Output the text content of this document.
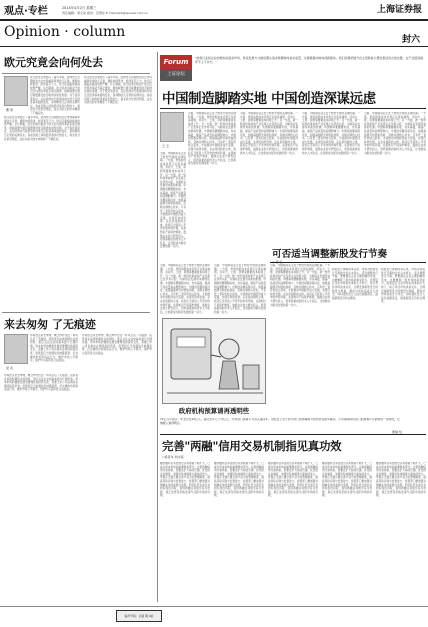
观点·专栏	2014年4月2日 星期三
责任编辑：周文彦 视觉：张慧东 E-mail:plzz@ssnews.com.cn	上海证券报
Opinion · column	封六
欧元究竟会向何处去
曹 形
欧元诞生以来经历了诸多考验，欧洲央行近期的表态让市场重新审视欧元走势。通胀持续低迷、经济复苏乏力，欧元区面临的挑战依然严峻。从长期看，欧元的命运取决于欧元区内部改革能否真正推进，财政联盟与银行联盟建设能否取得实质性进展。对于投资者而言，关注欧洲央行政策动向与欧元区经济基本面的变化，是判断欧元走势的关键所在。各成员国之间的经济差异仍然较大，南北欧分化依旧明显，这也为欧元的未来增添了不确定性。
欧元诞生以来经历了诸多考验，欧洲央行近期的表态让市场重新审视欧元走势。通胀持续低迷、经济复苏乏力，欧元区面临的挑战依然严峻。从长期看，欧元的命运取决于欧元区内部改革能否真正推进，财政联盟与银行联盟建设能否取得实质性进展。对于投资者而言，关注欧洲央行政策动向与欧元区经济基本面的变化，是判断欧元走势的关键所在。各成员国之间的经济差异仍然较大，南北欧分化依旧明显，这也为欧元的未来增添了不确定性。
欧元诞生以来经历了诸多考验，欧洲央行近期的表态让市场重新审视欧元走势。通胀持续低迷、经济复苏乏力，欧元区面临的挑战依然严峻。从长期看，欧元的命运取决于欧元区内部改革能否真正推进，财政联盟与银行联盟建设能否取得实质性进展。对于投资者而言，关注欧洲央行政策动向与欧元区经济基本面的变化，是判断欧元走势的关键所在。各成员国之间的经济差异仍然较大，南北欧分化依旧明显，这也为欧元的未来增添了不确定性。
来去匆匆 了无痕迹
吴 兆
市场热点来去匆匆，概念炒作往往一阵风过后了无痕迹。投资者在追逐短期热点的同时，更应关注企业的基本面与长期价值。资本市场的健康发展需要理性的投资文化，需要上市公司以真实业绩回报投资者。监管层应当加强信息披露监管，打击操纵市场等违法行为，维护市场公平秩序，保护中小投资者合法权益。
市场热点来去匆匆，概念炒作往往一阵风过后了无痕迹。投资者在追逐短期热点的同时，更应关注企业的基本面与长期价值。资本市场的健康发展需要理性的投资文化，需要上市公司以真实业绩回报投资者。监管层应当加强信息披露监管，打击操纵市场等违法行为，维护市场公平秩序，保护中小投资者合法权益。
市场热点来去匆匆，概念炒作往往一阵风过后了无痕迹。投资者在追逐短期热点的同时，更应关注企业的基本面与长期价值。资本市场的健康发展需要理性的投资文化，需要上市公司以真实业绩回报投资者。监管层应当加强信息披露监管，打击操纵市场等违法行为，维护市场公平秩序，保护中小投资者合法权益。
Forum
上证论坛
"检验行业和企业的根本标准是市场，转变发展方式就是要从追求规模转向追求质量，从要素驱动转向创新驱动。我们需要把提升自主创新能力摆在更加突出的位置，在产业链高端环节上下功夫。"
中国制造脚踏实地 中国创造深谋远虑
王 玉
当前，中国制造业正处于转型升级的关键时期。一方面，传统的低成本优势正在逐步减弱，劳动力、土地、资源等要素成本持续上升；另一方面，新一轮科技革命和产业变革正在孕育兴起，为制造业发展带来新的机遇。中国制造要脚踏实地，夯实基础，提高产品质量和品牌影响力；中国创造要深谋远虑，加强基础研究和原始创新，突破关键核心技术。只有把二者有机结合起来，才能推动中国经济由大变强，实现可持续发展。企业是创新的主体，政府应当营造公平竞争的市场环境，完善知识产权保护制度，鼓励企业加大研发投入，培养高素质的技术人才队伍，让创新成为驱动发展的第一动力。
当前，中国制造业正处于转型升级的关键时期。一方面，传统的低成本优势正在逐步减弱，劳动力、土地、资源等要素成本持续上升；另一方面，新一轮科技革命和产业变革正在孕育兴起，为制造业发展带来新的机遇。中国制造要脚踏实地，夯实基础，提高产品质量和品牌影响力；中国创造要深谋远虑，加强基础研究和原始创新，突破关键核心技术。只有把二者有机结合起来，才能推动中国经济由大变强，实现可持续发展。企业是创新的主体，政府应当营造公平竞争的市场环境，完善知识产权保护制度，鼓励企业加大研发投入，培养高素质的技术人才队伍，让创新成为驱动发展的第一动力。
当前，中国制造业正处于转型升级的关键时期。一方面，传统的低成本优势正在逐步减弱，劳动力、土地、资源等要素成本持续上升；另一方面，新一轮科技革命和产业变革正在孕育兴起，为制造业发展带来新的机遇。中国制造要脚踏实地，夯实基础，提高产品质量和品牌影响力；中国创造要深谋远虑，加强基础研究和原始创新，突破关键核心技术。只有把二者有机结合起来，才能推动中国经济由大变强，实现可持续发展。企业是创新的主体，政府应当营造公平竞争的市场环境，完善知识产权保护制度，鼓励企业加大研发投入，培养高素质的技术人才队伍，让创新成为驱动发展的第一动力。
当前，中国制造业正处于转型升级的关键时期。一方面，传统的低成本优势正在逐步减弱，劳动力、土地、资源等要素成本持续上升；另一方面，新一轮科技革命和产业变革正在孕育兴起，为制造业发展带来新的机遇。中国制造要脚踏实地，夯实基础，提高产品质量和品牌影响力；中国创造要深谋远虑，加强基础研究和原始创新，突破关键核心技术。只有把二者有机结合起来，才能推动中国经济由大变强，实现可持续发展。企业是创新的主体，政府应当营造公平竞争的市场环境，完善知识产权保护制度，鼓励企业加大研发投入，培养高素质的技术人才队伍，让创新成为驱动发展的第一动力。
当前，中国制造业正处于转型升级的关键时期。一方面，传统的低成本优势正在逐步减弱，劳动力、土地、资源等要素成本持续上升；另一方面，新一轮科技革命和产业变革正在孕育兴起，为制造业发展带来新的机遇。中国制造要脚踏实地，夯实基础，提高产品质量和品牌影响力；中国创造要深谋远虑，加强基础研究和原始创新，突破关键核心技术。只有把二者有机结合起来，才能推动中国经济由大变强，实现可持续发展。企业是创新的主体，政府应当营造公平竞争的市场环境，完善知识产权保护制度，鼓励企业加大研发投入，培养高素质的技术人才队伍，让创新成为驱动发展的第一动力。
当前，中国制造业正处于转型升级的关键时期。一方面，传统的低成本优势正在逐步减弱，劳动力、土地、资源等要素成本持续上升；另一方面，新一轮科技革命和产业变革正在孕育兴起，为制造业发展带来新的机遇。中国制造要脚踏实地，夯实基础，提高产品质量和品牌影响力；中国创造要深谋远虑，加强基础研究和原始创新，突破关键核心技术。只有把二者有机结合起来，才能推动中国经济由大变强，实现可持续发展。企业是创新的主体，政府应当营造公平竞争的市场环境，完善知识产权保护制度，鼓励企业加大研发投入，培养高素质的技术人才队伍，让创新成为驱动发展的第一动力。
当前，中国制造业正处于转型升级的关键时期。一方面，传统的低成本优势正在逐步减弱，劳动力、土地、资源等要素成本持续上升；另一方面，新一轮科技革命和产业变革正在孕育兴起，为制造业发展带来新的机遇。中国制造要脚踏实地，夯实基础，提高产品质量和品牌影响力；中国创造要深谋远虑，加强基础研究和原始创新，突破关键核心技术。只有把二者有机结合起来，才能推动中国经济由大变强，实现可持续发展。企业是创新的主体，政府应当营造公平竞争的市场环境，完善知识产权保护制度，鼓励企业加大研发投入，培养高素质的技术人才队伍，让创新成为驱动发展的第一动力。
政府机构预算请再透明些
72亿元小孩头一年支出近12亿元，超过去年七十多亿元，中央部门预算公开进入第四年，但社会上对于部分部门的预算细节依然存在诸多疑问，公众期待政府部门的预算公开能够进一步细化，让纳税人看得明白。
曹楠 绘
当前，中国制造业正处于转型升级的关键时期。一方面，传统的低成本优势正在逐步减弱，劳动力、土地、资源等要素成本持续上升；另一方面，新一轮科技革命和产业变革正在孕育兴起，为制造业发展带来新的机遇。中国制造要脚踏实地，夯实基础，提高产品质量和品牌影响力；中国创造要深谋远虑，加强基础研究和原始创新，突破关键核心技术。只有把二者有机结合起来，才能推动中国经济由大变强，实现可持续发展。企业是创新的主体，政府应当营造公平竞争的市场环境，完善知识产权保护制度，鼓励企业加大研发投入，培养高素质的技术人才队伍，让创新成为驱动发展的第一动力。
可否适当调整新股发行节奏
○ 徐 云
新股发行体制改革以来，市场对新股发行节奏的讨论从未停止。适当调整发行节奏，既要满足企业合理的融资需求，也要兼顾二级市场的承受能力。监管层应当在市场化改革的大方向下，综合考虑市场供求关系，合理安排新股发行的数量与规模，避免对市场造成过大冲击，同时强化发行人信息披露责任，提高新股定价的合理性。
新股发行体制改革以来，市场对新股发行节奏的讨论从未停止。适当调整发行节奏，既要满足企业合理的融资需求，也要兼顾二级市场的承受能力。监管层应当在市场化改革的大方向下，综合考虑市场供求关系，合理安排新股发行的数量与规模，避免对市场造成过大冲击，同时强化发行人信息披露责任，提高新股定价的合理性。
完善"两融"信用交易机制指见真功效
○杨晋华 刘水燕
融资融券业务自推出以来规模不断扩大，已成为资本市场的重要组成部分。完善两融信用交易机制，需要在扩大标的范围、优化保证金制度、加强风险控制等方面持续发力。券商应当建立健全客户适当性管理制度，提高风险识别与处置能力；监管部门要加强对两融业务的监测与监管，防范杠杆交易引发的系统性风险，促进两融业务规范有序发展，真正发挥其价格发现与活跃市场的功效。
融资融券业务自推出以来规模不断扩大，已成为资本市场的重要组成部分。完善两融信用交易机制，需要在扩大标的范围、优化保证金制度、加强风险控制等方面持续发力。券商应当建立健全客户适当性管理制度，提高风险识别与处置能力；监管部门要加强对两融业务的监测与监管，防范杠杆交易引发的系统性风险，促进两融业务规范有序发展，真正发挥其价格发现与活跃市场的功效。
融资融券业务自推出以来规模不断扩大，已成为资本市场的重要组成部分。完善两融信用交易机制，需要在扩大标的范围、优化保证金制度、加强风险控制等方面持续发力。券商应当建立健全客户适当性管理制度，提高风险识别与处置能力；监管部门要加强对两融业务的监测与监管，防范杠杆交易引发的系统性风险，促进两融业务规范有序发展，真正发挥其价格发现与活跃市场的功效。
融资融券业务自推出以来规模不断扩大，已成为资本市场的重要组成部分。完善两融信用交易机制，需要在扩大标的范围、优化保证金制度、加强风险控制等方面持续发力。券商应当建立健全客户适当性管理制度，提高风险识别与处置能力；监管部门要加强对两融业务的监测与监管，防范杠杆交易引发的系统性风险，促进两融业务规范有序发展，真正发挥其价格发现与活跃市场的功效。
融资融券业务自推出以来规模不断扩大，已成为资本市场的重要组成部分。完善两融信用交易机制，需要在扩大标的范围、优化保证金制度、加强风险控制等方面持续发力。券商应当建立健全客户适当性管理制度，提高风险识别与处置能力；监管部门要加强对两融业务的监测与监管，防范杠杆交易引发的系统性风险，促进两融业务规范有序发展，真正发挥其价格发现与活跃市场的功效。
编号号码：总第 期 1版
